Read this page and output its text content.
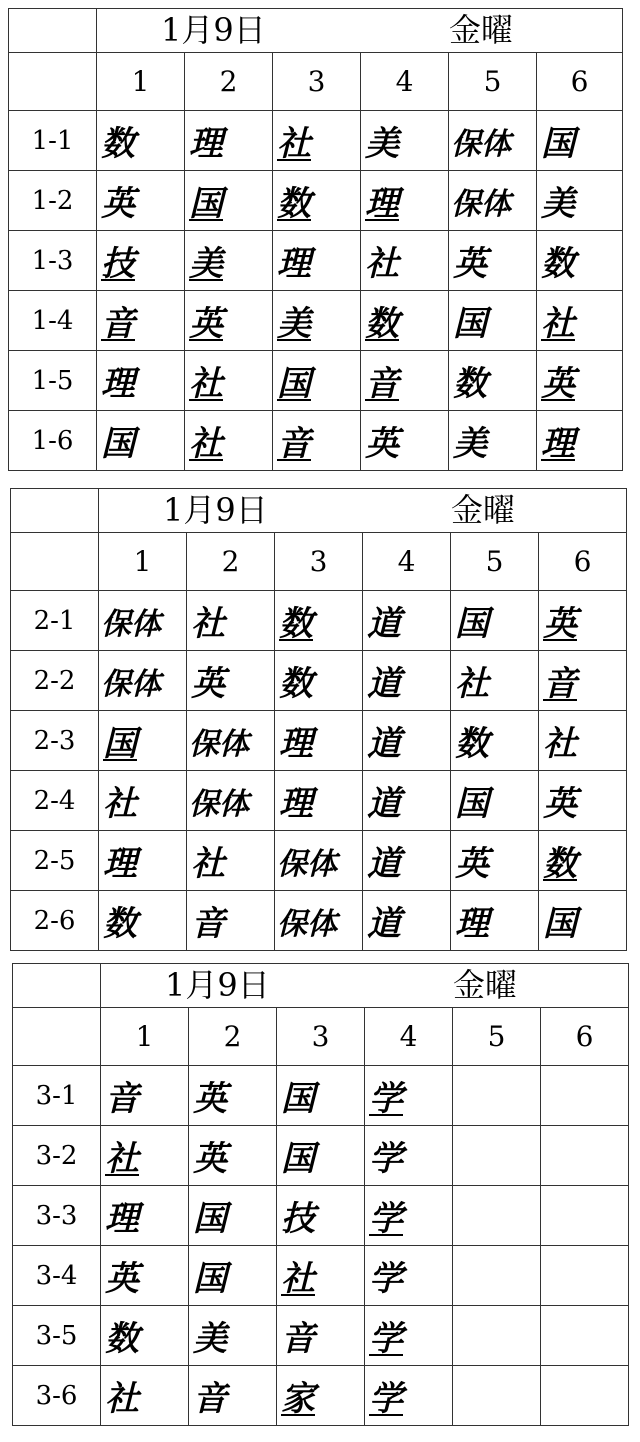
	1月9日 金曜					

	1	2	3	4	5	6
1-1	数	理	社	美	保体	国
1-2	英	国	数	理	保体	美
1-3	技	美	理	社	英	数
1-4	音	英	美	数	国	社
1-5	理	社	国	音	数	英
1-6	国	社	音	英	美	理

	1月9日 金曜					

	1	2	3	4	5	6
2-1	保体	社	数	道	国	英
2-2	保体	英	数	道	社	音
2-3	国	保体	理	道	数	社
2-4	社	保体	理	道	国	英
2-5	理	社	保体	道	英	数
2-6	数	音	保体	道	理	国

	1月9日 金曜					

	1	2	3	4	5	6
3-1	音	英	国	学		
3-2	社	英	国	学		
3-3	理	国	技	学		
3-4	英	国	社	学		
3-5	数	美	音	学		
3-6	社	音	家	学		
